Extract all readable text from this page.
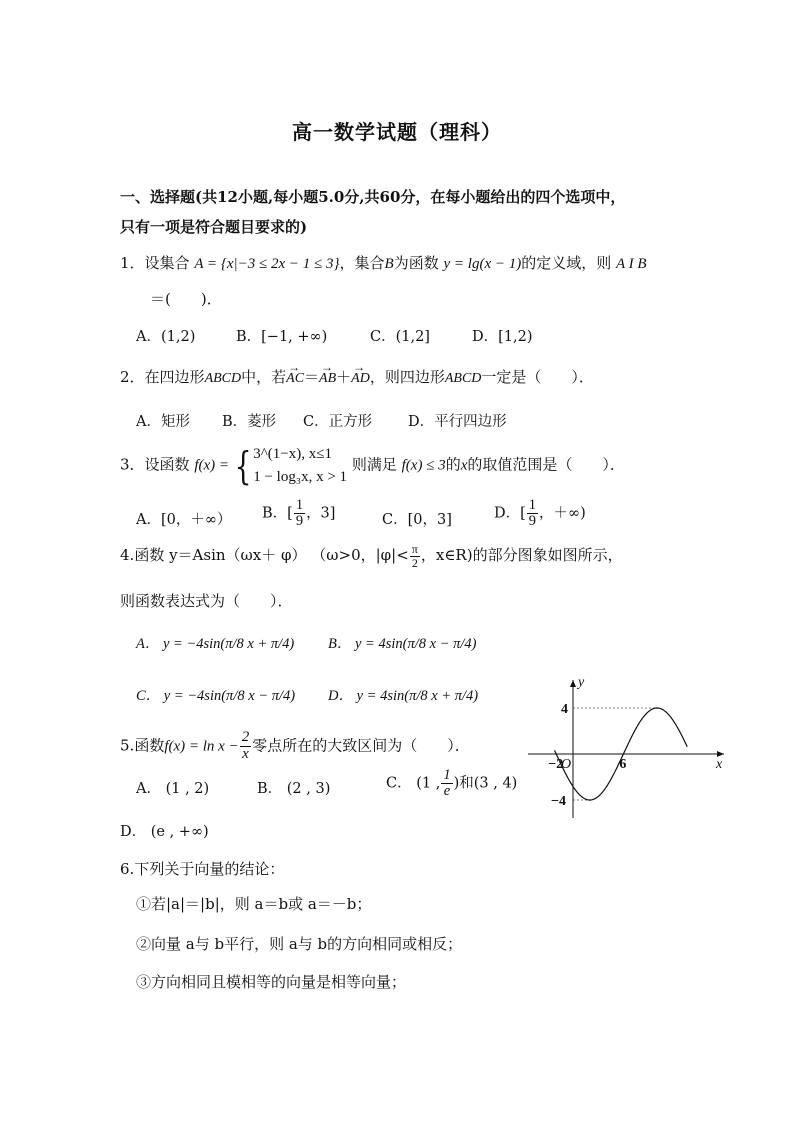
高一数学试题（理科）
一、选择题(共12小题,每小题5.0分,共60分，在每小题给出的四个选项中，
只有一项是符合题目要求的)
1．设集合 A = {x|−3 ≤ 2x − 1 ≤ 3}，集合B为函数 y = lg(x − 1)的定义域，则 A I B
＝(　　)．
A．(1,2)	B．[−1, +∞)	C．(1,2]	D．[1,2)
2．在四边形ABCD中，若→ AC＝→ AB＋→ AD，则四边形ABCD一定是（　　）．
A．矩形 B．菱形 C．正方形 D．平行四边形
3．设函数 f(x) = { 3^(1−x), x≤1
1 − log₃x, x > 1
则满足 f(x) ≤ 3的x的取值范围是（　　）．
A．[0，＋∞） B．[ $\frac{1}{9}$ ，3]	C．[0，3]	D．[ $\frac{1}{9}$ ，＋∞)
4.函数 y＝Asin（ωx＋ φ） （ω>0，$|\varphi|< \frac{\pi}{2}$ ，x∈R)的部分图象如图所示，
则函数表达式为（　　）．
A． y = −4sin(π/8 x + π/4) B． y = 4sin(π/8 x − π/4)
C． y = −4sin(π/8 x − π/4) D． y = 4sin(π/8 x + π/4)
5.函数$f(x) = \ln x - \frac{2}{x}$ 零点所在的大致区间为（　　）．
A． (1 , 2)	B． (2 , 3)	C． (1 , $\frac{1}{e}$ )和(3 , 4)
D． (e , +∞)
6.下列关于向量的结论：
①若|a|＝|b|，则 a＝b或 a＝－b；
②向量 a与 b平行，则 a与 b的方向相同或相反；
③方向相同且模相等的向量是相等向量；
y
x
O
4
−4
−2	6
